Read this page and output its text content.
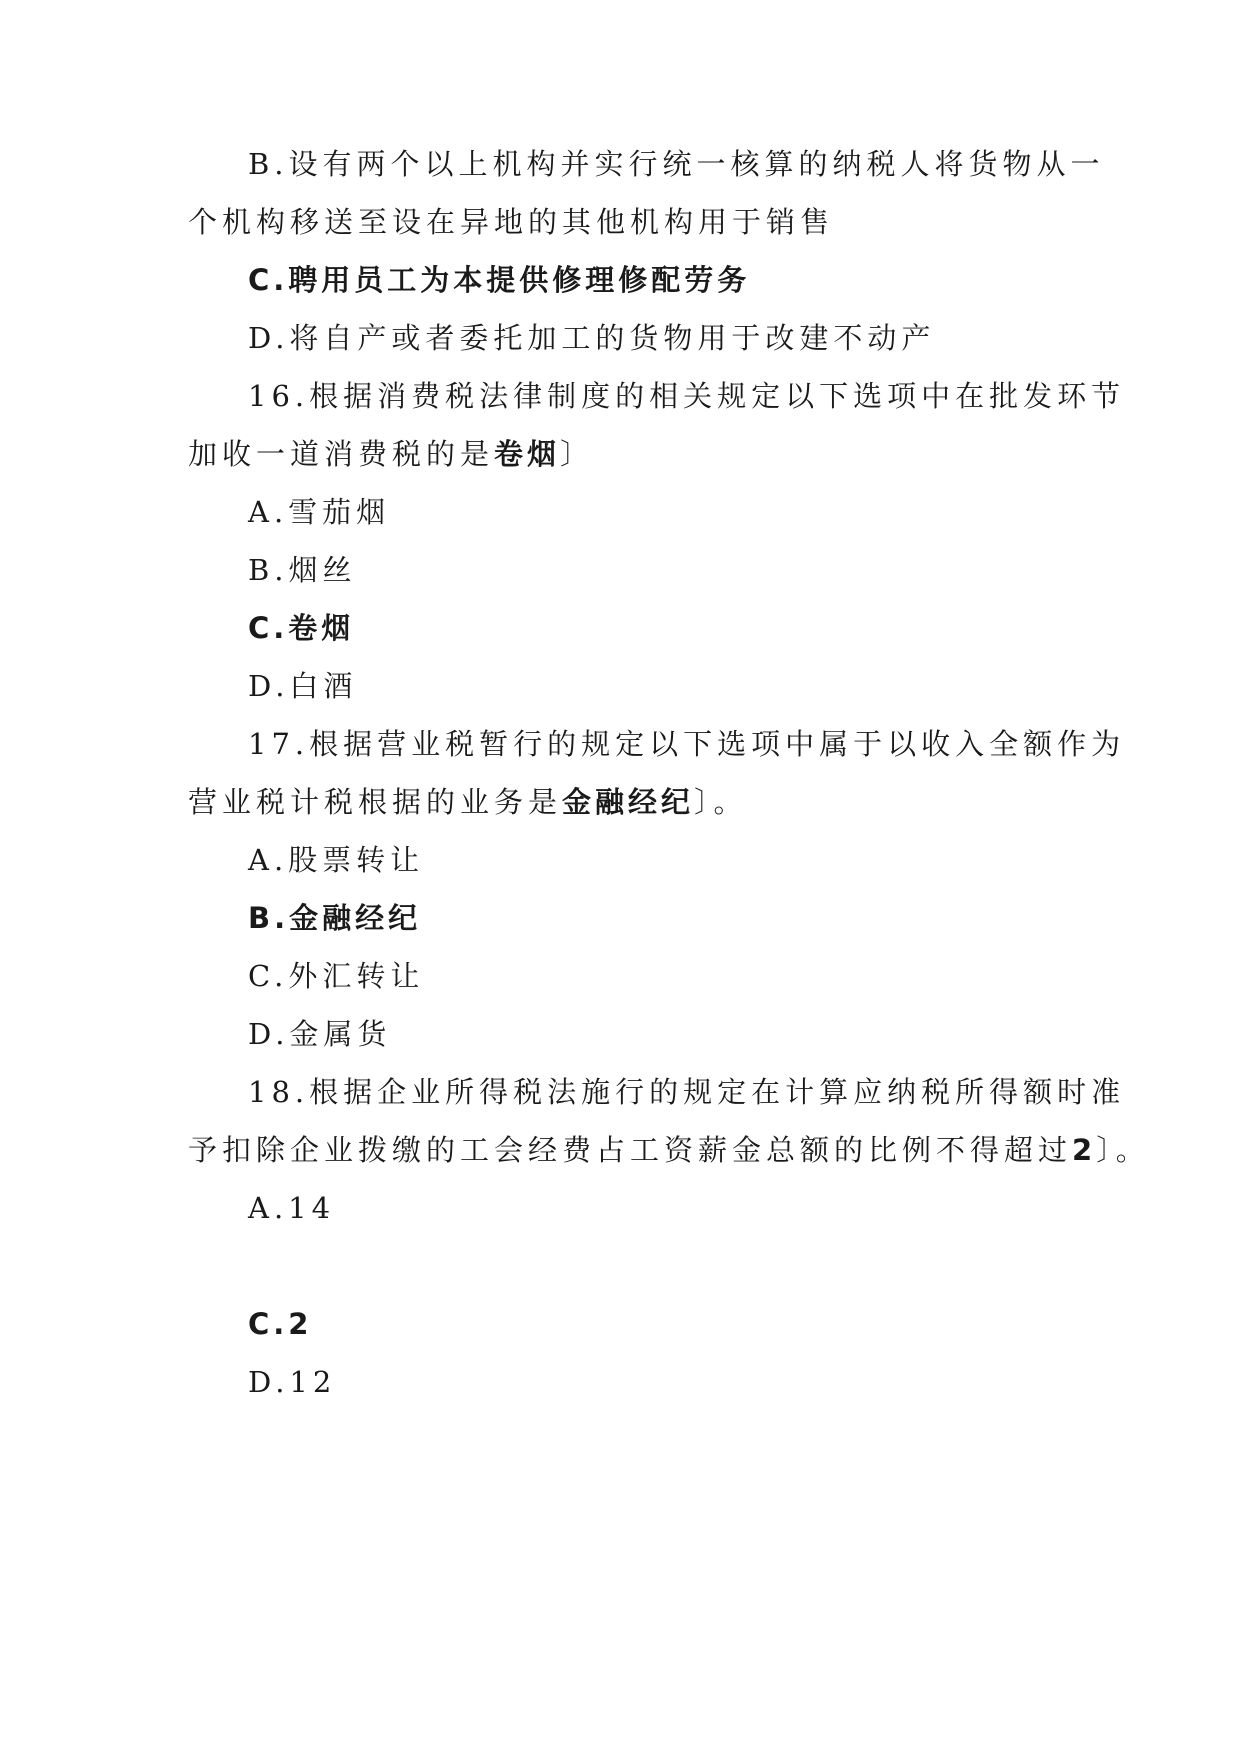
B.设有两个以上机构并实行统一核算的纳税人将货物从一
个机构移送至设在异地的其他机构用于销售
C.聘用员工为本提供修理修配劳务
D.将自产或者委托加工的货物用于改建不动产
16.根据消费税法律制度的相关规定以下选项中在批发环节
加收一道消费税的是卷烟〕
A.雪茄烟
B.烟丝
C.卷烟
D.白酒
17.根据营业税暂行的规定以下选项中属于以收入全额作为
营业税计税根据的业务是金融经纪〕。
A.股票转让
B.金融经纪
C.外汇转让
D.金属货
18.根据企业所得税法施行的规定在计算应纳税所得额时准
予扣除企业拨缴的工会经费占工资薪金总额的比例不得超过2〕。
A.14
C.2
D.12
